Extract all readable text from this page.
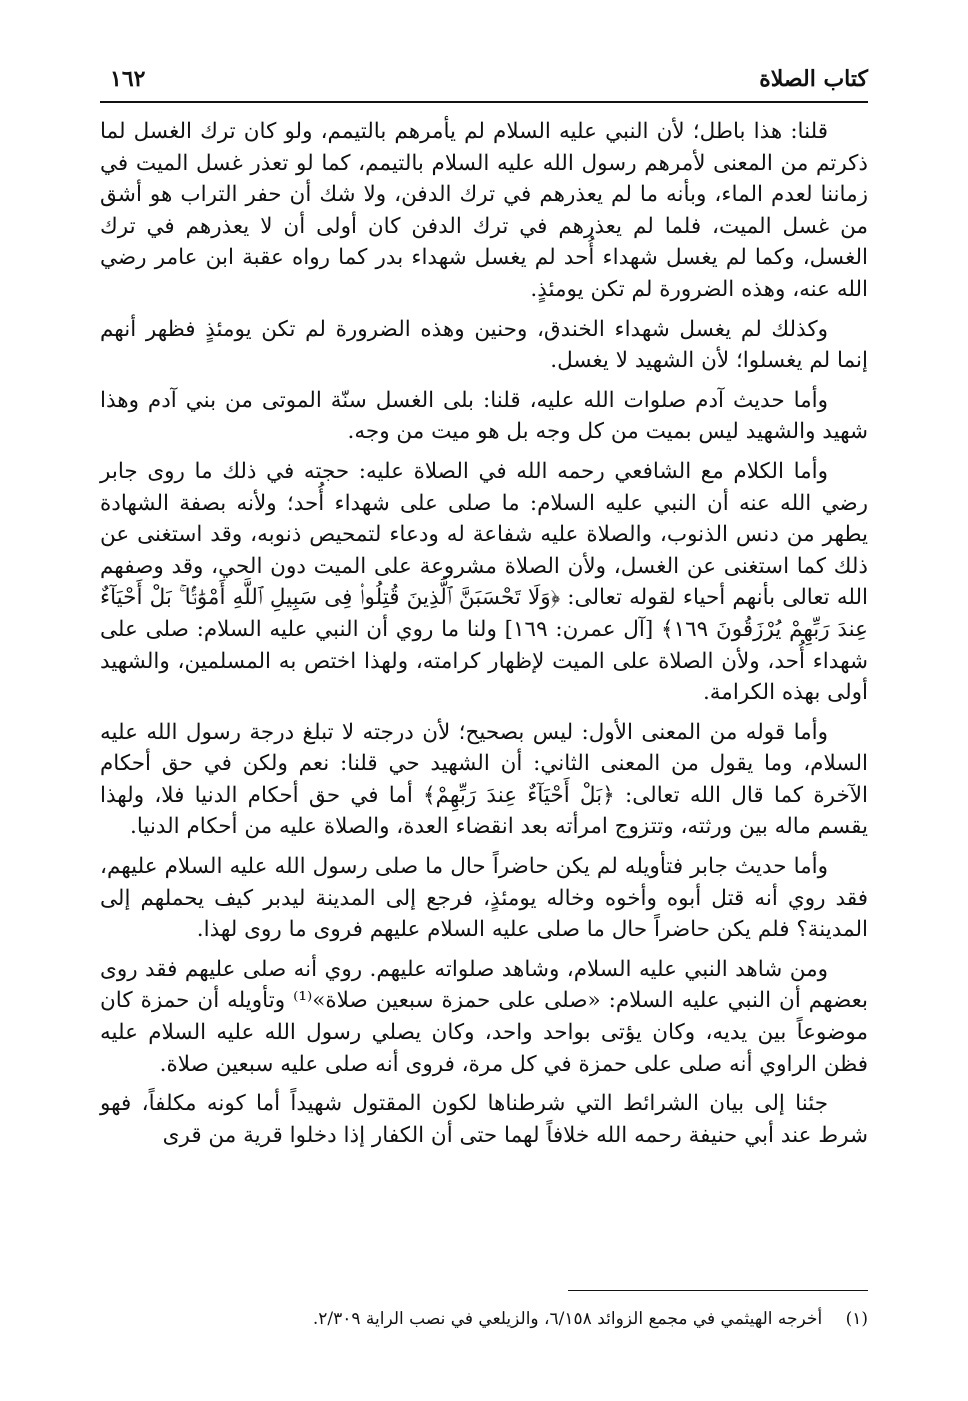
كتاب الصلاة
١٦٢

قلنا: هذا باطل؛ لأن النبي عليه السلام لم يأمرهم بالتيمم، ولو كان ترك الغسل لما ذكرتم من المعنى لأمرهم رسول الله عليه السلام بالتيمم، كما لو تعذر غسل الميت في زماننا لعدم الماء، وبأنه ما لم يعذرهم في ترك الدفن، ولا شك أن حفر التراب هو أشق من غسل الميت، فلما لم يعذرهم في ترك الدفن كان أولى أن لا يعذرهم في ترك الغسل، وكما لم يغسل شهداء أُحد لم يغسل شهداء بدر كما رواه عقبة ابن عامر رضي الله عنه، وهذه الضرورة لم تكن يومئذٍ.

وكذلك لم يغسل شهداء الخندق، وحنين وهذه الضرورة لم تكن يومئذٍ فظهر أنهم إنما لم يغسلوا؛ لأن الشهيد لا يغسل.

وأما حديث آدم صلوات الله عليه، قلنا: بلى الغسل سنّة الموتى من بني آدم وهذا شهيد والشهيد ليس بميت من كل وجه بل هو ميت من وجه.

وأما الكلام مع الشافعي رحمه الله في الصلاة عليه: حجته في ذلك ما روى جابر رضي الله عنه أن النبي عليه السلام: ما صلى على شهداء أُحد؛ ولأنه بصفة الشهادة يطهر من دنس الذنوب، والصلاة عليه شفاعة له ودعاء لتمحيص ذنوبه، وقد استغنى عن ذلك كما استغنى عن الغسل، ولأن الصلاة مشروعة على الميت دون الحي، وقد وصفهم الله تعالى بأنهم أحياء لقوله تعالى: ﴿وَلَا تَحْسَبَنَّ ٱلَّذِينَ قُتِلُوا۟ فِى سَبِيلِ ٱللَّهِ أَمْوَٰتًۢا ۚ بَلْ أَحْيَآءٌ عِندَ رَبِّهِمْ يُرْزَقُونَ ١٦٩﴾ [آل عمرن: ١٦٩] ولنا ما روي أن النبي عليه السلام: صلى على شهداء أُحد، ولأن الصلاة على الميت لإظهار كرامته، ولهذا اختص به المسلمين، والشهيد أولى بهذه الكرامة.

وأما قوله من المعنى الأول: ليس بصحيح؛ لأن درجته لا تبلغ درجة رسول الله عليه السلام، وما يقول من المعنى الثاني: أن الشهيد حي قلنا: نعم ولكن في حق أحكام الآخرة كما قال الله تعالى: ﴿بَلْ أَحْيَآءٌ عِندَ رَبِّهِمْ﴾ أما في حق أحكام الدنيا فلا، ولهذا يقسم ماله بين ورثته، وتتزوج امرأته بعد انقضاء العدة، والصلاة عليه من أحكام الدنيا.

وأما حديث جابر فتأويله لم يكن حاضراً حال ما صلى رسول الله عليه السلام عليهم، فقد روي أنه قتل أبوه وأخوه وخاله يومئذٍ، فرجع إلى المدينة ليدبر كيف يحملهم إلى المدينة؟ فلم يكن حاضراً حال ما صلى عليه السلام عليهم فروى ما روى لهذا.

ومن شاهد النبي عليه السلام، وشاهد صلواته عليهم. روي أنه صلى عليهم فقد روى بعضهم أن النبي عليه السلام: «صلى على حمزة سبعين صلاة»⁽¹⁾ وتأويله أن حمزة كان موضوعاً بين يديه، وكان يؤتى بواحد واحد، وكان يصلي رسول الله عليه السلام عليه فظن الراوي أنه صلى على حمزة في كل مرة، فروى أنه صلى عليه سبعين صلاة.

جئنا إلى بيان الشرائط التي شرطناها لكون المقتول شهيداً أما كونه مكلفاً، فهو شرط عند أبي حنيفة رحمه الله خلافاً لهما حتى أن الكفار إذا دخلوا قرية من قرى

(١) أخرجه الهيثمي في مجمع الزوائد ٦/١٥٨، والزيلعي في نصب الراية ٢/٣٠٩.
